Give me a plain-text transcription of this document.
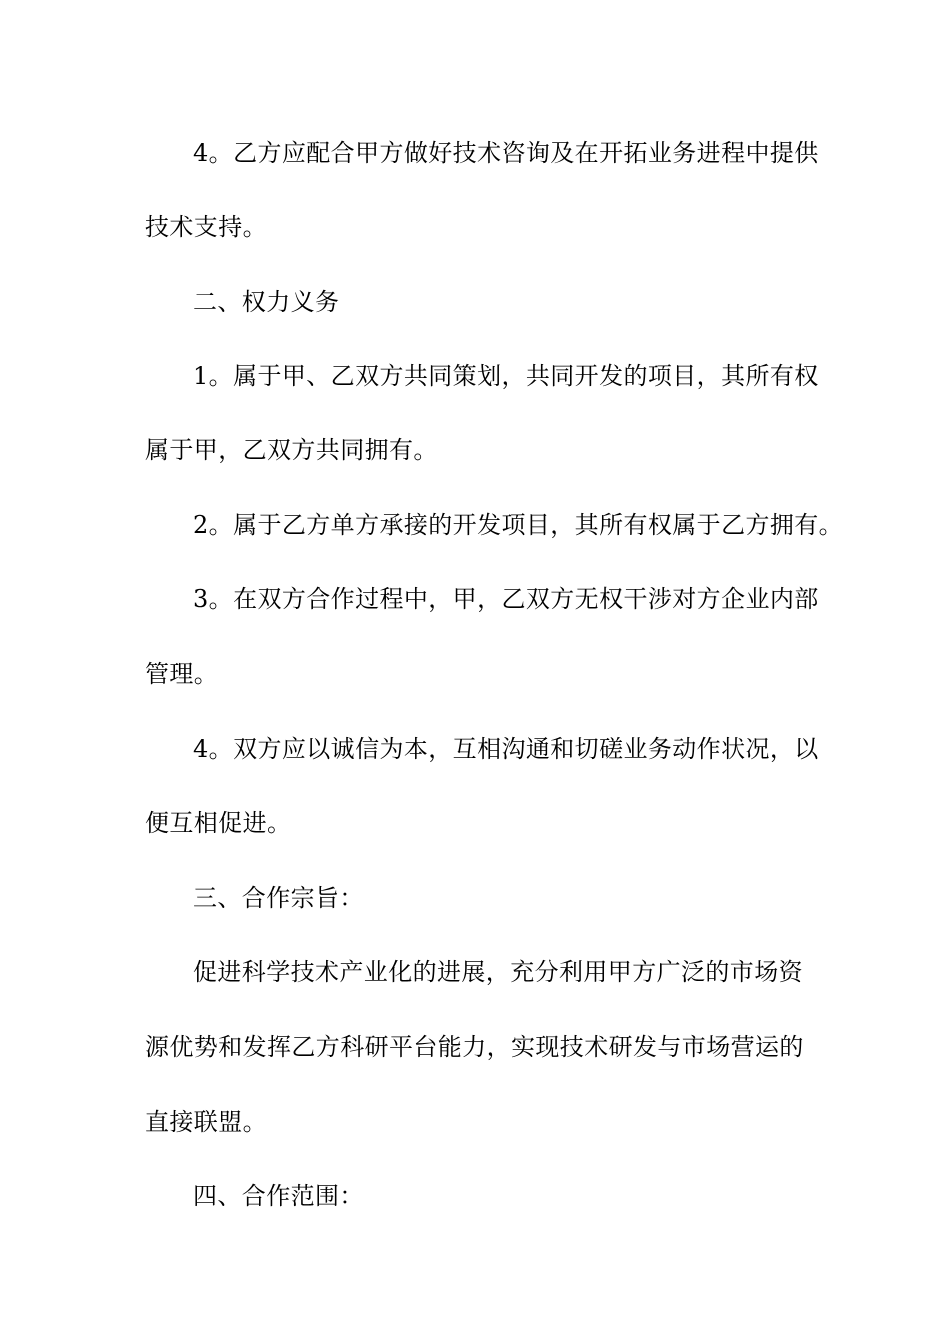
4。乙方应配合甲方做好技术咨询及在开拓业务进程中提供
技术支持。
二、权力义务
1。属于甲、乙双方共同策划，共同开发的项目，其所有权
属于甲，乙双方共同拥有。
2。属于乙方单方承接的开发项目，其所有权属于乙方拥有。
3。在双方合作过程中，甲，乙双方无权干涉对方企业内部
管理。
4。双方应以诚信为本，互相沟通和切磋业务动作状况，以
便互相促进。
三、合作宗旨：
促进科学技术产业化的进展，充分利用甲方广泛的市场资
源优势和发挥乙方科研平台能力，实现技术研发与市场营运的
直接联盟。
四、合作范围：
